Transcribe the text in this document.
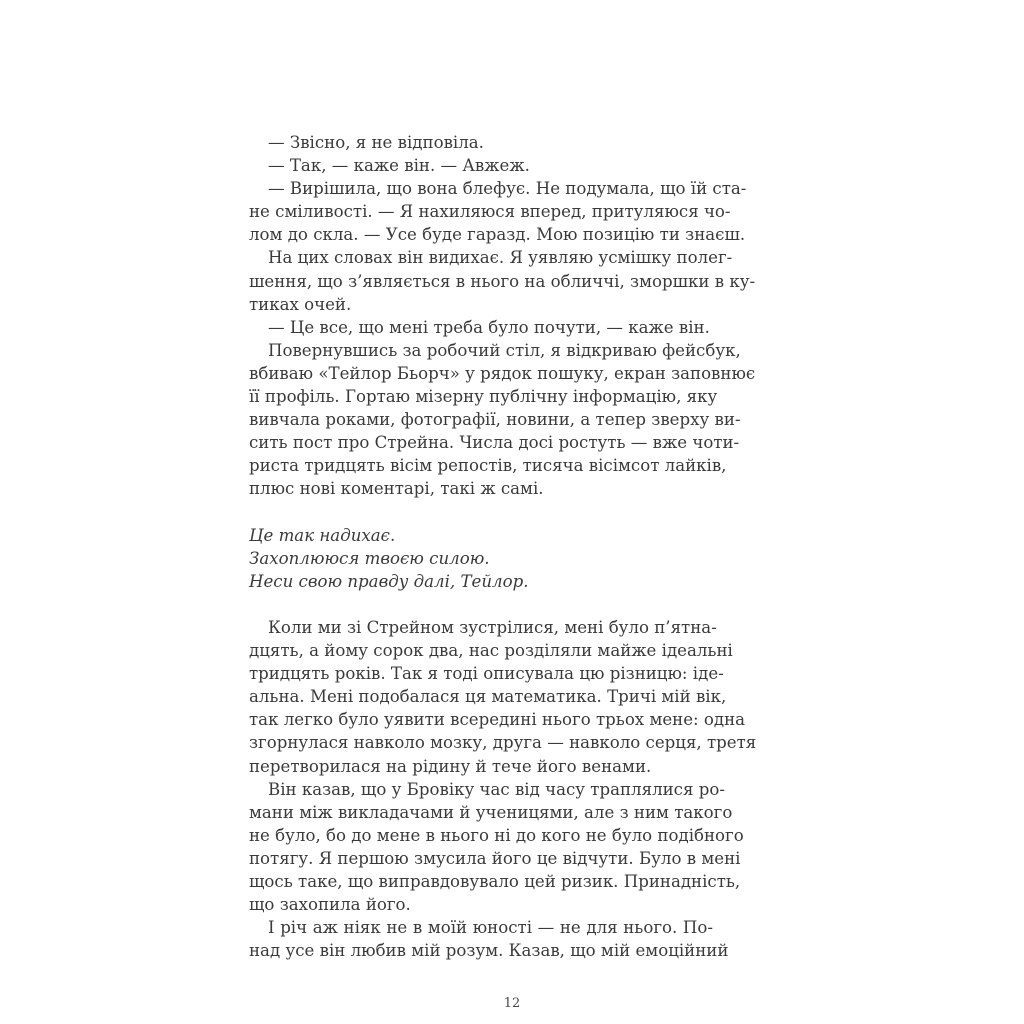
— Звісно, я не відповіла.
— Так, — каже він. — Авжеж.
— Вирішила, що вона блефує. Не подумала, що їй ста-
не сміливості. — Я нахиляюся вперед, притуляюся чо-
лом до скла. — Усе буде гаразд. Мою позицію ти знаєш.
На цих словах він видихає. Я уявляю усмішку полег-
шення, що з’являється в нього на обличчі, зморшки в ку-
тиках очей.
— Це все, що мені треба було почути, — каже він.
Повернувшись за робочий стіл, я відкриваю фейсбук,
вбиваю «Тейлор Бьорч» у рядок пошуку, екран заповнює
її профіль. Гортаю мізерну публічну інформацію, яку
вивчала роками, фотографії, новини, а тепер зверху ви-
сить пост про Стрейна. Числа досі ростуть — вже чоти-
риста тридцять вісім репостів, тисяча вісімсот лайків,
плюс нові коментарі, такі ж самі.
Це так надихає.
Захоплююся твоєю силою.
Неси свою правду далі, Тейлор.
Коли ми зі Стрейном зустрілися, мені було п’ятна-
дцять, а йому сорок два, нас розділяли майже ідеальні
тридцять років. Так я тоді описувала цю різницю: іде-
альна. Мені подобалася ця математика. Тричі мій вік,
так легко було уявити всередині нього трьох мене: одна
згорнулася навколо мозку, друга — навколо серця, третя
перетворилася на рідину й тече його венами.
Він казав, що у Бровіку час від часу траплялися ро-
мани між викладачами й ученицями, але з ним такого
не було, бо до мене в нього ні до кого не було подібного
потягу. Я першою змусила його це відчути. Було в мені
щось таке, що виправдовувало цей ризик. Принадність,
що захопила його.
І річ аж ніяк не в моїй юності — не для нього. По-
над усе він любив мій розум. Казав, що мій емоційний
12
